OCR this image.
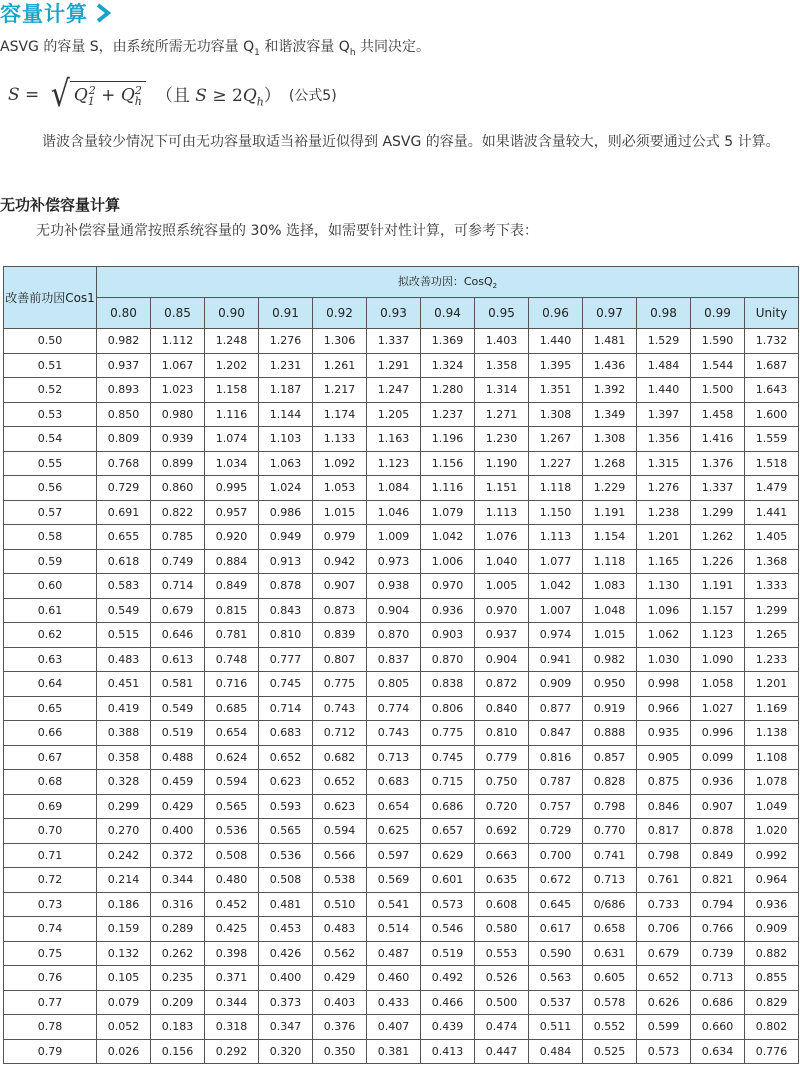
容量计算
ASVG 的容量 S，由系统所需无功容量 $Q_1$ 和谐波容量 $Q_h$ 共同决定。
S = √ $Q_1^2 + Q_h^2$ （且 $S \ge 2Q_h$） (公式5)
谐波含量较少情况下可由无功容量取适当裕量近似得到 ASVG 的容量。如果谐波含量较大，则必须要通过公式 5 计算。
无功补偿容量计算
无功补偿容量通常按照系统容量的 30% 选择，如需要针对性计算，可参考下表：
改善前功因Cos1	拟改善功因：CosQ$_2$
	0.80	0.85	0.90	0.91	0.92	0.93	0.94	0.95	0.96	0.97	0.98	0.99	Unity
0.50	0.982	1.112	1.248	1.276	1.306	1.337	1.369	1.403	1.440	1.481	1.529	1.590	1.732
0.51	0.937	1.067	1.202	1.231	1.261	1.291	1.324	1.358	1.395	1.436	1.484	1.544	1.687
0.52	0.893	1.023	1.158	1.187	1.217	1.247	1.280	1.314	1.351	1.392	1.440	1.500	1.643
0.53	0.850	0.980	1.116	1.144	1.174	1.205	1.237	1.271	1.308	1.349	1.397	1.458	1.600
0.54	0.809	0.939	1.074	1.103	1.133	1.163	1.196	1.230	1.267	1.308	1.356	1.416	1.559
0.55	0.768	0.899	1.034	1.063	1.092	1.123	1.156	1.190	1.227	1.268	1.315	1.376	1.518
0.56	0.729	0.860	0.995	1.024	1.053	1.084	1.116	1.151	1.118	1.229	1.276	1.337	1.479
0.57	0.691	0.822	0.957	0.986	1.015	1.046	1.079	1.113	1.150	1.191	1.238	1.299	1.441
0.58	0.655	0.785	0.920	0.949	0.979	1.009	1.042	1.076	1.113	1.154	1.201	1.262	1.405
0.59	0.618	0.749	0.884	0.913	0.942	0.973	1.006	1.040	1.077	1.118	1.165	1.226	1.368
0.60	0.583	0.714	0.849	0.878	0.907	0.938	0.970	1.005	1.042	1.083	1.130	1.191	1.333
0.61	0.549	0.679	0.815	0.843	0.873	0.904	0.936	0.970	1.007	1.048	1.096	1.157	1.299
0.62	0.515	0.646	0.781	0.810	0.839	0.870	0.903	0.937	0.974	1.015	1.062	1.123	1.265
0.63	0.483	0.613	0.748	0.777	0.807	0.837	0.870	0.904	0.941	0.982	1.030	1.090	1.233
0.64	0.451	0.581	0.716	0.745	0.775	0.805	0.838	0.872	0.909	0.950	0.998	1.058	1.201
0.65	0.419	0.549	0.685	0.714	0.743	0.774	0.806	0.840	0.877	0.919	0.966	1.027	1.169
0.66	0.388	0.519	0.654	0.683	0.712	0.743	0.775	0.810	0.847	0.888	0.935	0.996	1.138
0.67	0.358	0.488	0.624	0.652	0.682	0.713	0.745	0.779	0.816	0.857	0.905	0.099	1.108
0.68	0.328	0.459	0.594	0.623	0.652	0.683	0.715	0.750	0.787	0.828	0.875	0.936	1.078
0.69	0.299	0.429	0.565	0.593	0.623	0.654	0.686	0.720	0.757	0.798	0.846	0.907	1.049
0.70	0.270	0.400	0.536	0.565	0.594	0.625	0.657	0.692	0.729	0.770	0.817	0.878	1.020
0.71	0.242	0.372	0.508	0.536	0.566	0.597	0.629	0.663	0.700	0.741	0.798	0.849	0.992
0.72	0.214	0.344	0.480	0.508	0.538	0.569	0.601	0.635	0.672	0.713	0.761	0.821	0.964
0.73	0.186	0.316	0.452	0.481	0.510	0.541	0.573	0.608	0.645	0/686	0.733	0.794	0.936
0.74	0.159	0.289	0.425	0.453	0.483	0.514	0.546	0.580	0.617	0.658	0.706	0.766	0.909
0.75	0.132	0.262	0.398	0.426	0.562	0.487	0.519	0.553	0.590	0.631	0.679	0.739	0.882
0.76	0.105	0.235	0.371	0.400	0.429	0.460	0.492	0.526	0.563	0.605	0.652	0.713	0.855
0.77	0.079	0.209	0.344	0.373	0.403	0.433	0.466	0.500	0.537	0.578	0.626	0.686	0.829
0.78	0.052	0.183	0.318	0.347	0.376	0.407	0.439	0.474	0.511	0.552	0.599	0.660	0.802
0.79	0.026	0.156	0.292	0.320	0.350	0.381	0.413	0.447	0.484	0.525	0.573	0.634	0.776
